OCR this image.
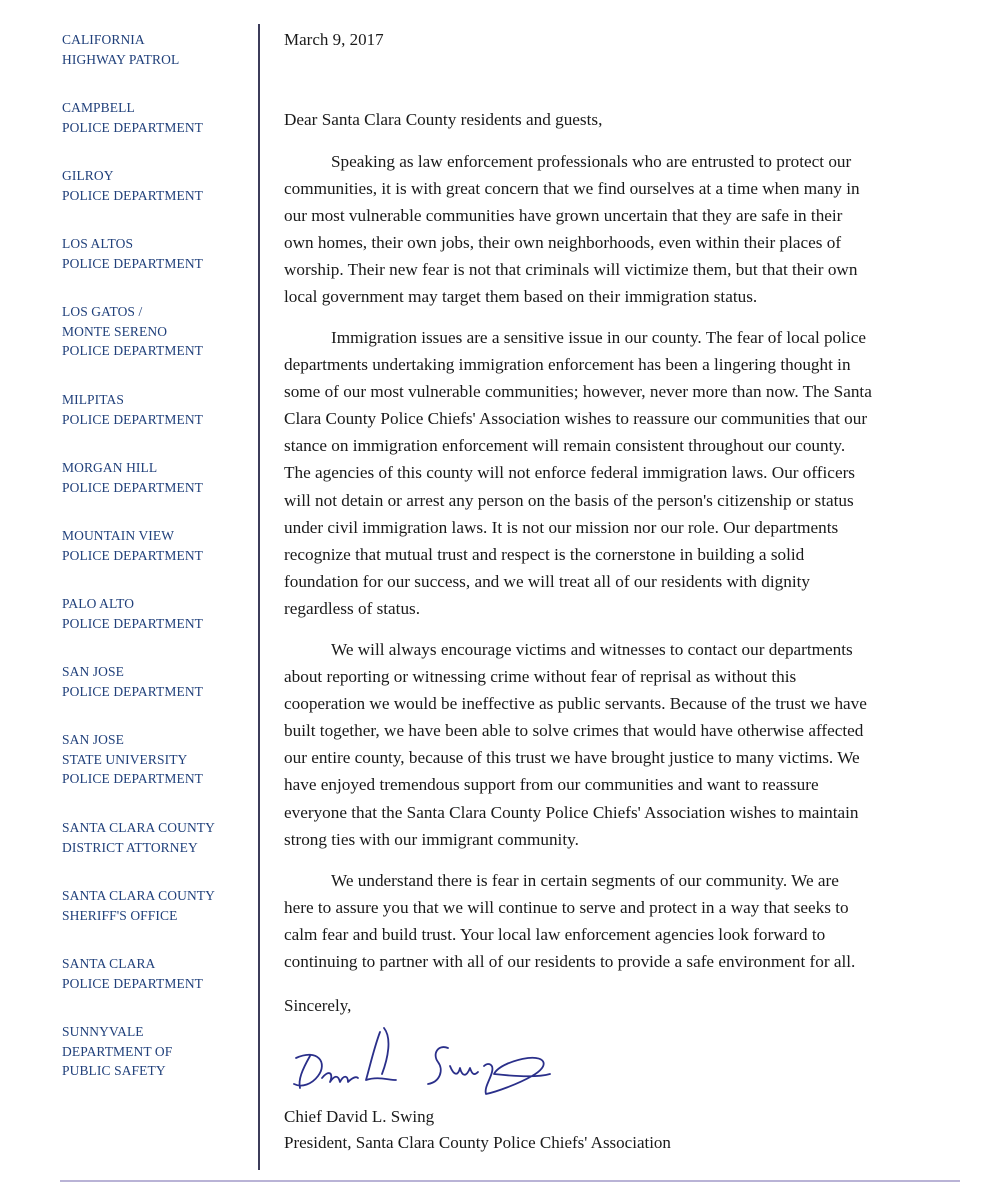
CALIFORNIA
HIGHWAY PATROL
CAMPBELL
POLICE DEPARTMENT
GILROY
POLICE DEPARTMENT
LOS ALTOS
POLICE DEPARTMENT
LOS GATOS /
MONTE SERENO
POLICE DEPARTMENT
MILPITAS
POLICE DEPARTMENT
MORGAN HILL
POLICE DEPARTMENT
MOUNTAIN VIEW
POLICE DEPARTMENT
PALO ALTO
POLICE DEPARTMENT
SAN JOSE
POLICE DEPARTMENT
SAN JOSE
STATE UNIVERSITY
POLICE DEPARTMENT
SANTA CLARA COUNTY
DISTRICT ATTORNEY
SANTA CLARA COUNTY
SHERIFF'S OFFICE
SANTA CLARA
POLICE DEPARTMENT
SUNNYVALE
DEPARTMENT OF
PUBLIC SAFETY
March 9, 2017
Dear Santa Clara County residents and guests,
Speaking as law enforcement professionals who are entrusted to protect our
communities, it is with great concern that we find ourselves at a time when many in
our most vulnerable communities have grown uncertain that they are safe in their
own homes, their own jobs, their own neighborhoods, even within their places of
worship. Their new fear is not that criminals will victimize them, but that their own
local government may target them based on their immigration status.
Immigration issues are a sensitive issue in our county. The fear of local police
departments undertaking immigration enforcement has been a lingering thought in
some of our most vulnerable communities; however, never more than now. The Santa
Clara County Police Chiefs' Association wishes to reassure our communities that our
stance on immigration enforcement will remain consistent throughout our county.
The agencies of this county will not enforce federal immigration laws. Our officers
will not detain or arrest any person on the basis of the person's citizenship or status
under civil immigration laws. It is not our mission nor our role. Our departments
recognize that mutual trust and respect is the cornerstone in building a solid
foundation for our success, and we will treat all of our residents with dignity
regardless of status.
We will always encourage victims and witnesses to contact our departments
about reporting or witnessing crime without fear of reprisal as without this
cooperation we would be ineffective as public servants. Because of the trust we have
built together, we have been able to solve crimes that would have otherwise affected
our entire county, because of this trust we have brought justice to many victims. We
have enjoyed tremendous support from our communities and want to reassure
everyone that the Santa Clara County Police Chiefs' Association wishes to maintain
strong ties with our immigrant community.
We understand there is fear in certain segments of our community. We are
here to assure you that we will continue to serve and protect in a way that seeks to
calm fear and build trust. Your local law enforcement agencies look forward to
continuing to partner with all of our residents to provide a safe environment for all.
Sincerely,
Chief David L. Swing
President, Santa Clara County Police Chiefs' Association
